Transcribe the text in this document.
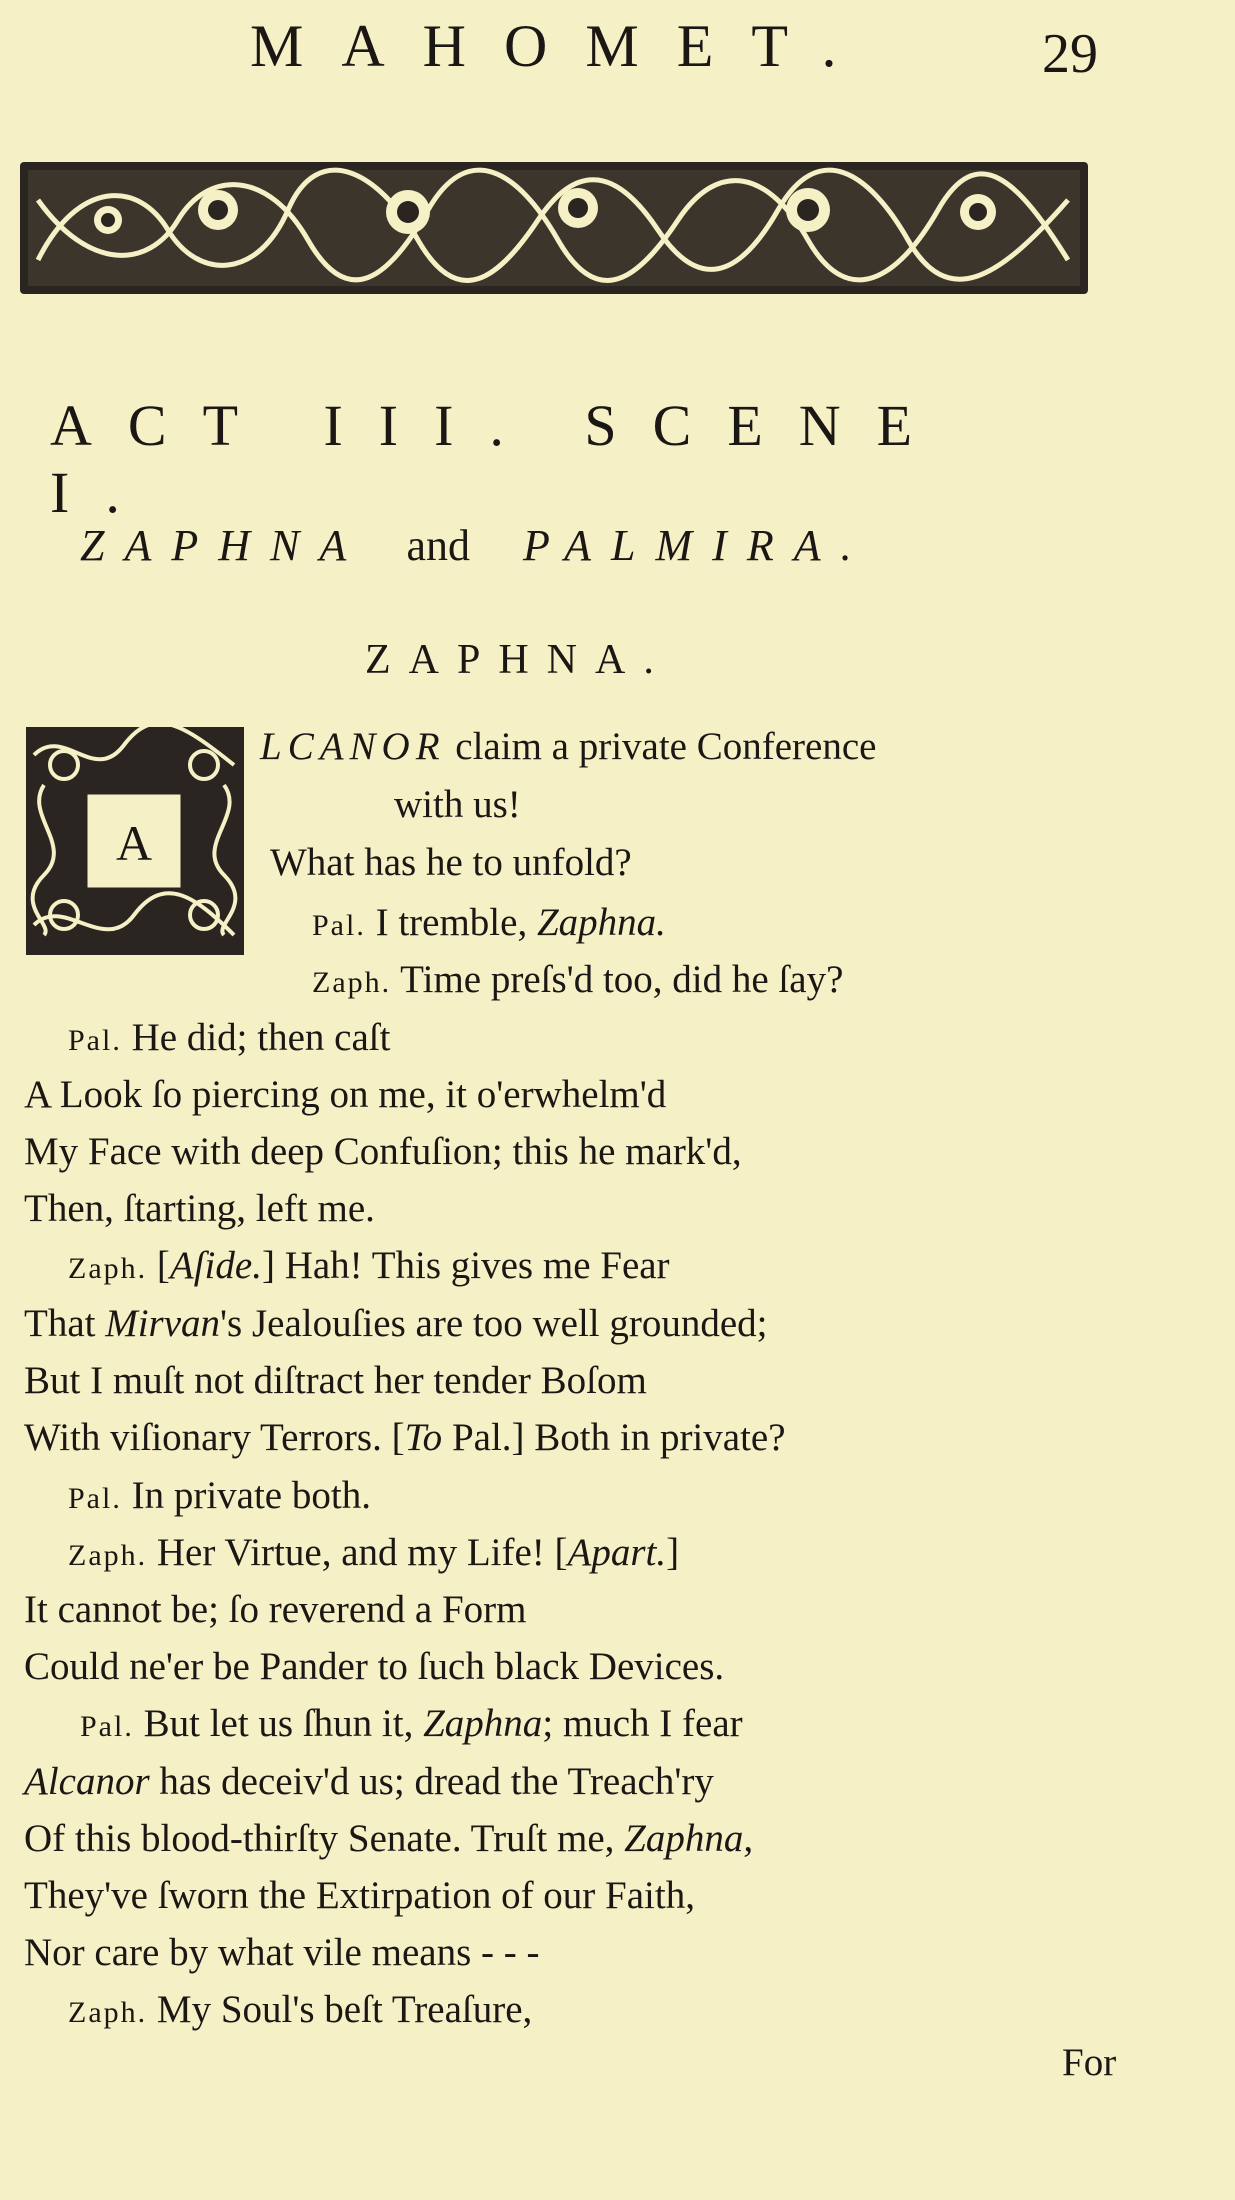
MAHOMET.	29
ACT III. SCENE I.
ZAPHNA and PALMIRA.
ZAPHNA.
A
LCANOR claim a private Conference
with us!
What has he to unfold?
Pal. I tremble, Zaphna.
Zaph. Time preſs'd too, did he ſay?
Pal. He did; then caſt
A Look ſo piercing on me, it o'erwhelm'd
My Face with deep Confuſion; this he mark'd,
Then, ſtarting, left me.
Zaph. [Aſide.] Hah! This gives me Fear
That Mirvan's Jealouſies are too well grounded;
But I muſt not diſtract her tender Boſom
With viſionary Terrors. [To Pal.] Both in private?
Pal. In private both.
Zaph. Her Virtue, and my Life! [Apart.]
It cannot be; ſo reverend a Form
Could ne'er be Pander to ſuch black Devices.
Pal. But let us ſhun it, Zaphna; much I fear
Alcanor has deceiv'd us; dread the Treach'ry
Of this blood-thirſty Senate. Truſt me, Zaphna,
They've ſworn the Extirpation of our Faith,
Nor care by what vile means - - -
Zaph. My Soul's beſt Treaſure,
For
